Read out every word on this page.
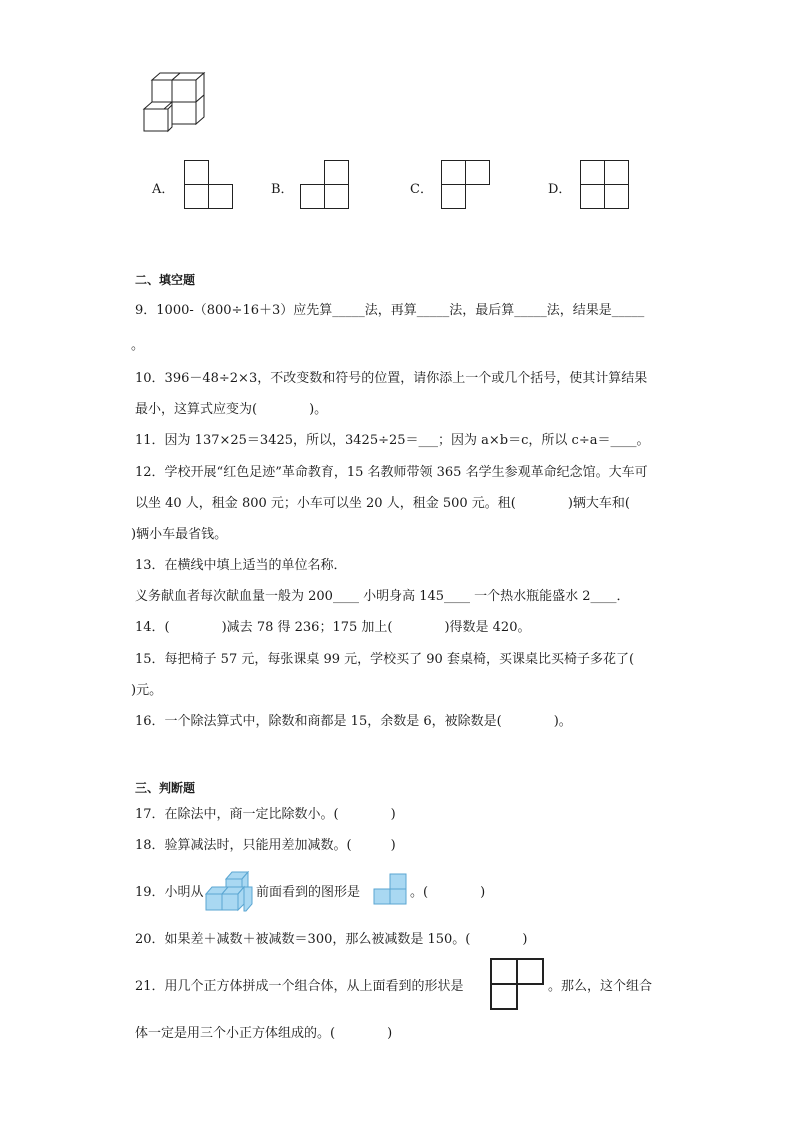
A．	B．	C．	D．
二、填空题
9．1000-（800÷16＋3）应先算_____法，再算_____法，最后算_____法，结果是_____
。
10．396－48÷2×3，不改变数和符号的位置，请你添上一个或几个括号，使其计算结果
最小，这算式应变为(　　　　)。
11．因为 137×25＝3425，所以，3425÷25＝___；因为 a×b＝c，所以 c÷a＝____。
12．学校开展“红色足迹”革命教育，15 名教师带领 365 名学生参观革命纪念馆。大车可
以坐 40 人，租金 800 元；小车可以坐 20 人，租金 500 元。租(　　　　)辆大车和(
)辆小车最省钱。
13．在横线中填上适当的单位名称．
义务献血者每次献血量一般为 200____ 小明身高 145____ 一个热水瓶能盛水 2____．
14．(　　　　)减去 78 得 236；175 加上(　　　　)得数是 420。
15．每把椅子 57 元，每张课桌 99 元，学校买了 90 套桌椅，买课桌比买椅子多花了(
)元。
16．一个除法算式中，除数和商都是 15，余数是 6，被除数是(　　　　)。
三、判断题
17．在除法中，商一定比除数小。(　　　　)
18．验算减法时，只能用差加减数。(　　　)
19．小明从	前面看到的图形是	。(　　　　)
20．如果差＋减数＋被减数＝300，那么被减数是 150。(　　　　)
21．用几个正方体拼成一个组合体，从上面看到的形状是	。那么，这个组合
体一定是用三个小正方体组成的。(　　　　)
